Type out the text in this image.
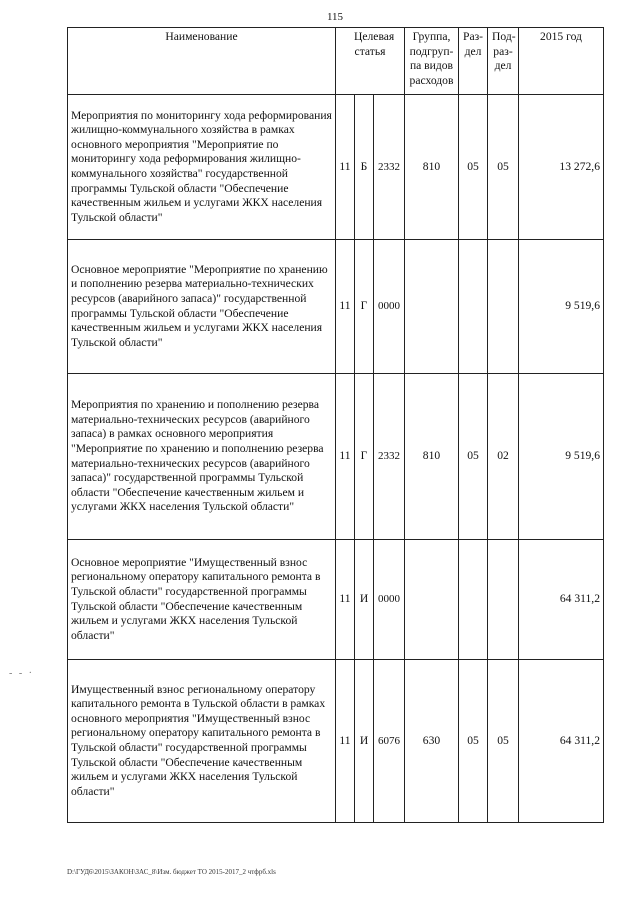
115
Наименование	Целевая статья			Группа, подгруп-па видов расходов	Раз-дел	Под-раз-дел	2015 год
Мероприятия по мониторингу хода реформирования жилищно-коммунального хозяйства в рамках основного мероприятия "Мероприятие по мониторингу хода реформирования жилищно-коммунального хозяйства" государственной программы Тульской области "Обеспечение качественным жильем и услугами ЖКХ населения Тульской области"	11	Б	2332	810	05	05	13 272,6
Основное мероприятие "Мероприятие по хранению и пополнению резерва материально-технических ресурсов (аварийного запаса)" государственной программы Тульской области "Обеспечение качественным жильем и услугами ЖКХ населения Тульской области"	11	Г	0000				9 519,6
Мероприятия по хранению и пополнению резерва материально-технических ресурсов (аварийного запаса) в рамках основного мероприятия "Мероприятие по хранению и пополнению резерва материально-технических ресурсов (аварийного запаса)" государственной программы Тульской области "Обеспечение качественным жильем и услугами ЖКХ населения Тульской области"	11	Г	2332	810	05	02	9 519,6
Основное мероприятие "Имущественный взнос региональному оператору капитального ремонта в Тульской области" государственной программы Тульской области "Обеспечение качественным жильем и услугами ЖКХ населения Тульской области"	11	И	0000				64 311,2
Имущественный взнос региональному оператору капитального ремонта в Тульской области в рамках основного мероприятия "Имущественный взнос региональному оператору капитального ремонта в Тульской области" государственной программы Тульской области "Обеспечение качественным жильем и услугами ЖКХ населения Тульской области"	11	И	6076	630	05	05	64 311,2
- - ·
D:\ГУД6\2015\ЗАКОН\ЗАС_8\Изм. бюджет ТО 2015-2017_2 чтфрб.xls
